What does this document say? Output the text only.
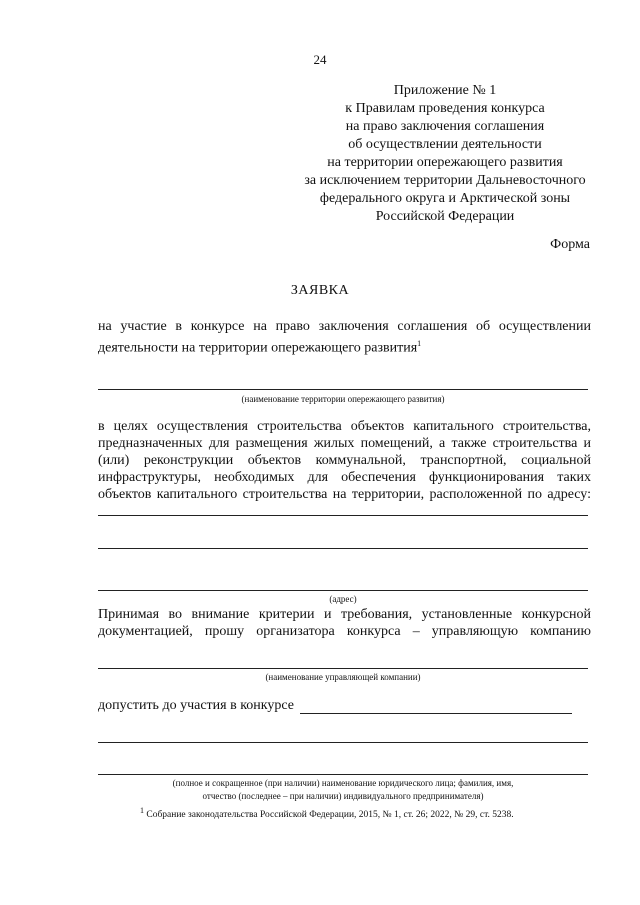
24
Приложение № 1
к Правилам проведения конкурса
на право заключения соглашения
об осуществлении деятельности
на территории опережающего развития
за исключением территории Дальневосточного
федерального округа и Арктической зоны
Российской Федерации
Форма
ЗАЯВКА
на участие в конкурсе на право заключения соглашения об осуществлении деятельности на территории опережающего развития$^1$
(наименование территории опережающего развития)
в целях осуществления строительства объектов капитального строительства, предназначенных для размещения жилых помещений, а также строительства и (или) реконструкции объектов коммунальной, транспортной, социальной инфраструктуры, необходимых для обеспечения функционирования таких объектов капитального строительства на территории, расположенной по адресу:
(адрес)
Принимая во внимание критерии и требования, установленные конкурсной документацией, прошу организатора конкурса – управляющую компанию
(наименование управляющей компании)
допустить до участия в конкурсе
(полное и сокращенное (при наличии) наименование юридического лица; фамилия, имя,
отчество (последнее – при наличии) индивидуального предпринимателя)
$^1$ Собрание законодательства Российской Федерации, 2015, № 1, ст. 26; 2022, № 29, ст. 5238.
